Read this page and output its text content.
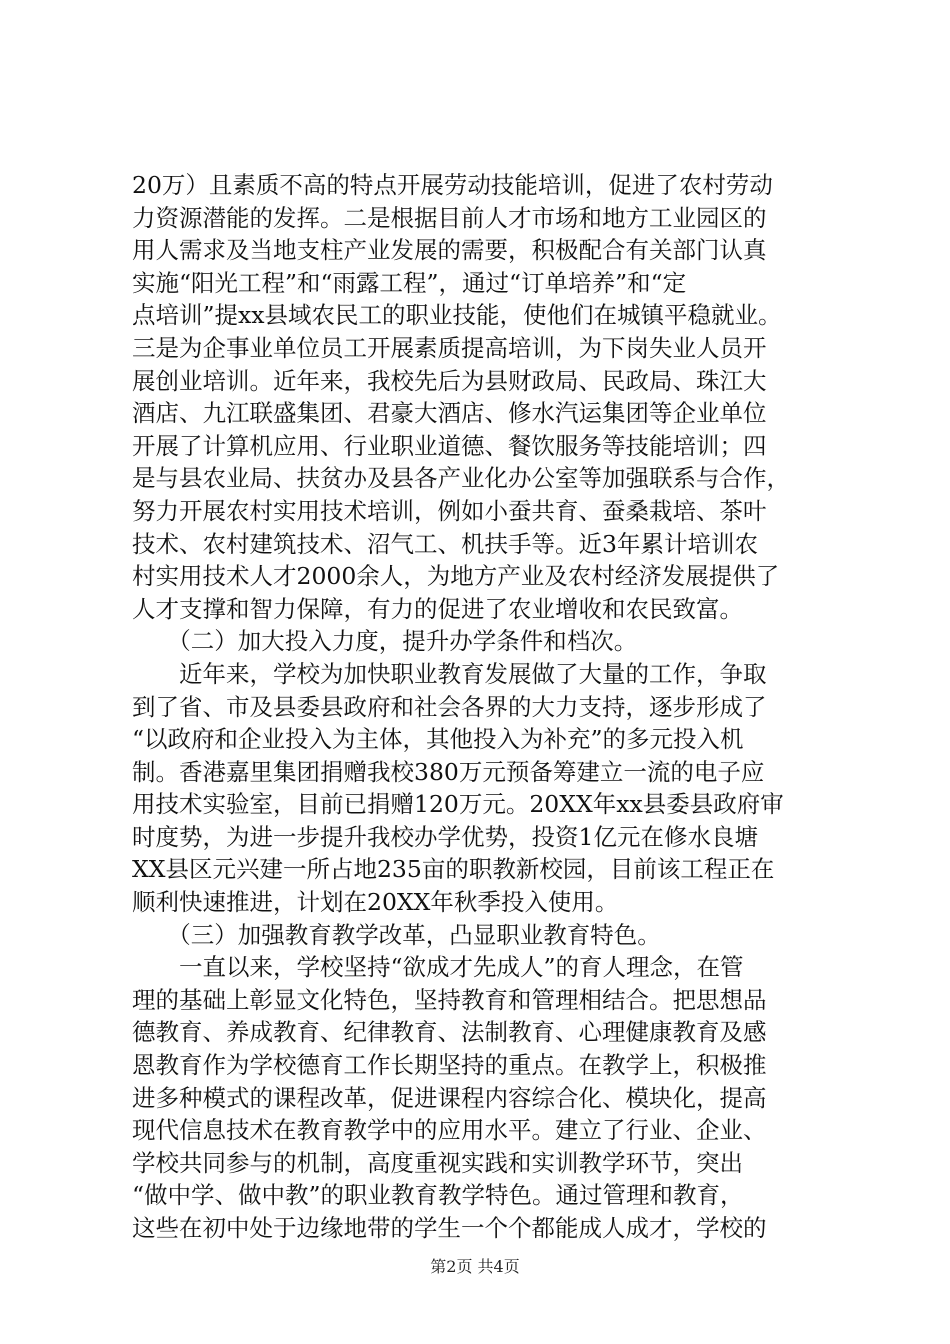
20万）且素质不高的特点开展劳动技能培训，促进了农村劳动
力资源潜能的发挥。二是根据目前人才市场和地方工业园区的
用人需求及当地支柱产业发展的需要，积极配合有关部门认真
实施“阳光工程”和“雨露工程”，通过“订单培养”和“定
点培训”提xx县域农民工的职业技能，使他们在城镇平稳就业。
三是为企事业单位员工开展素质提高培训，为下岗失业人员开
展创业培训。近年来，我校先后为县财政局、民政局、珠江大
酒店、九江联盛集团、君豪大酒店、修水汽运集团等企业单位
开展了计算机应用、行业职业道德、餐饮服务等技能培训；四
是与县农业局、扶贫办及县各产业化办公室等加强联系与合作，
努力开展农村实用技术培训，例如小蚕共育、蚕桑栽培、茶叶
技术、农村建筑技术、沼气工、机扶手等。近3年累计培训农
村实用技术人才2000余人，为地方产业及农村经济发展提供了
人才支撑和智力保障，有力的促进了农业增收和农民致富。
　　（二）加大投入力度，提升办学条件和档次。
　　近年来，学校为加快职业教育发展做了大量的工作，争取
到了省、市及县委县政府和社会各界的大力支持，逐步形成了
“以政府和企业投入为主体，其他投入为补充”的多元投入机
制。香港嘉里集团捐赠我校380万元预备筹建立一流的电子应
用技术实验室，目前已捐赠120万元。20XX年xx县委县政府审
时度势，为进一步提升我校办学优势，投资1亿元在修水良塘
XX县区元兴建一所占地235亩的职教新校园，目前该工程正在
顺利快速推进，计划在20XX年秋季投入使用。
　　（三）加强教育教学改革，凸显职业教育特色。
　　一直以来，学校坚持“欲成才先成人”的育人理念，在管
理的基础上彰显文化特色，坚持教育和管理相结合。把思想品
德教育、养成教育、纪律教育、法制教育、心理健康教育及感
恩教育作为学校德育工作长期坚持的重点。在教学上，积极推
进多种模式的课程改革，促进课程内容综合化、模块化，提高
现代信息技术在教育教学中的应用水平。建立了行业、企业、
学校共同参与的机制，高度重视实践和实训教学环节，突出
“做中学、做中教”的职业教育教学特色。通过管理和教育，
这些在初中处于边缘地带的学生一个个都能成人成才，学校的
第2页 共4页
